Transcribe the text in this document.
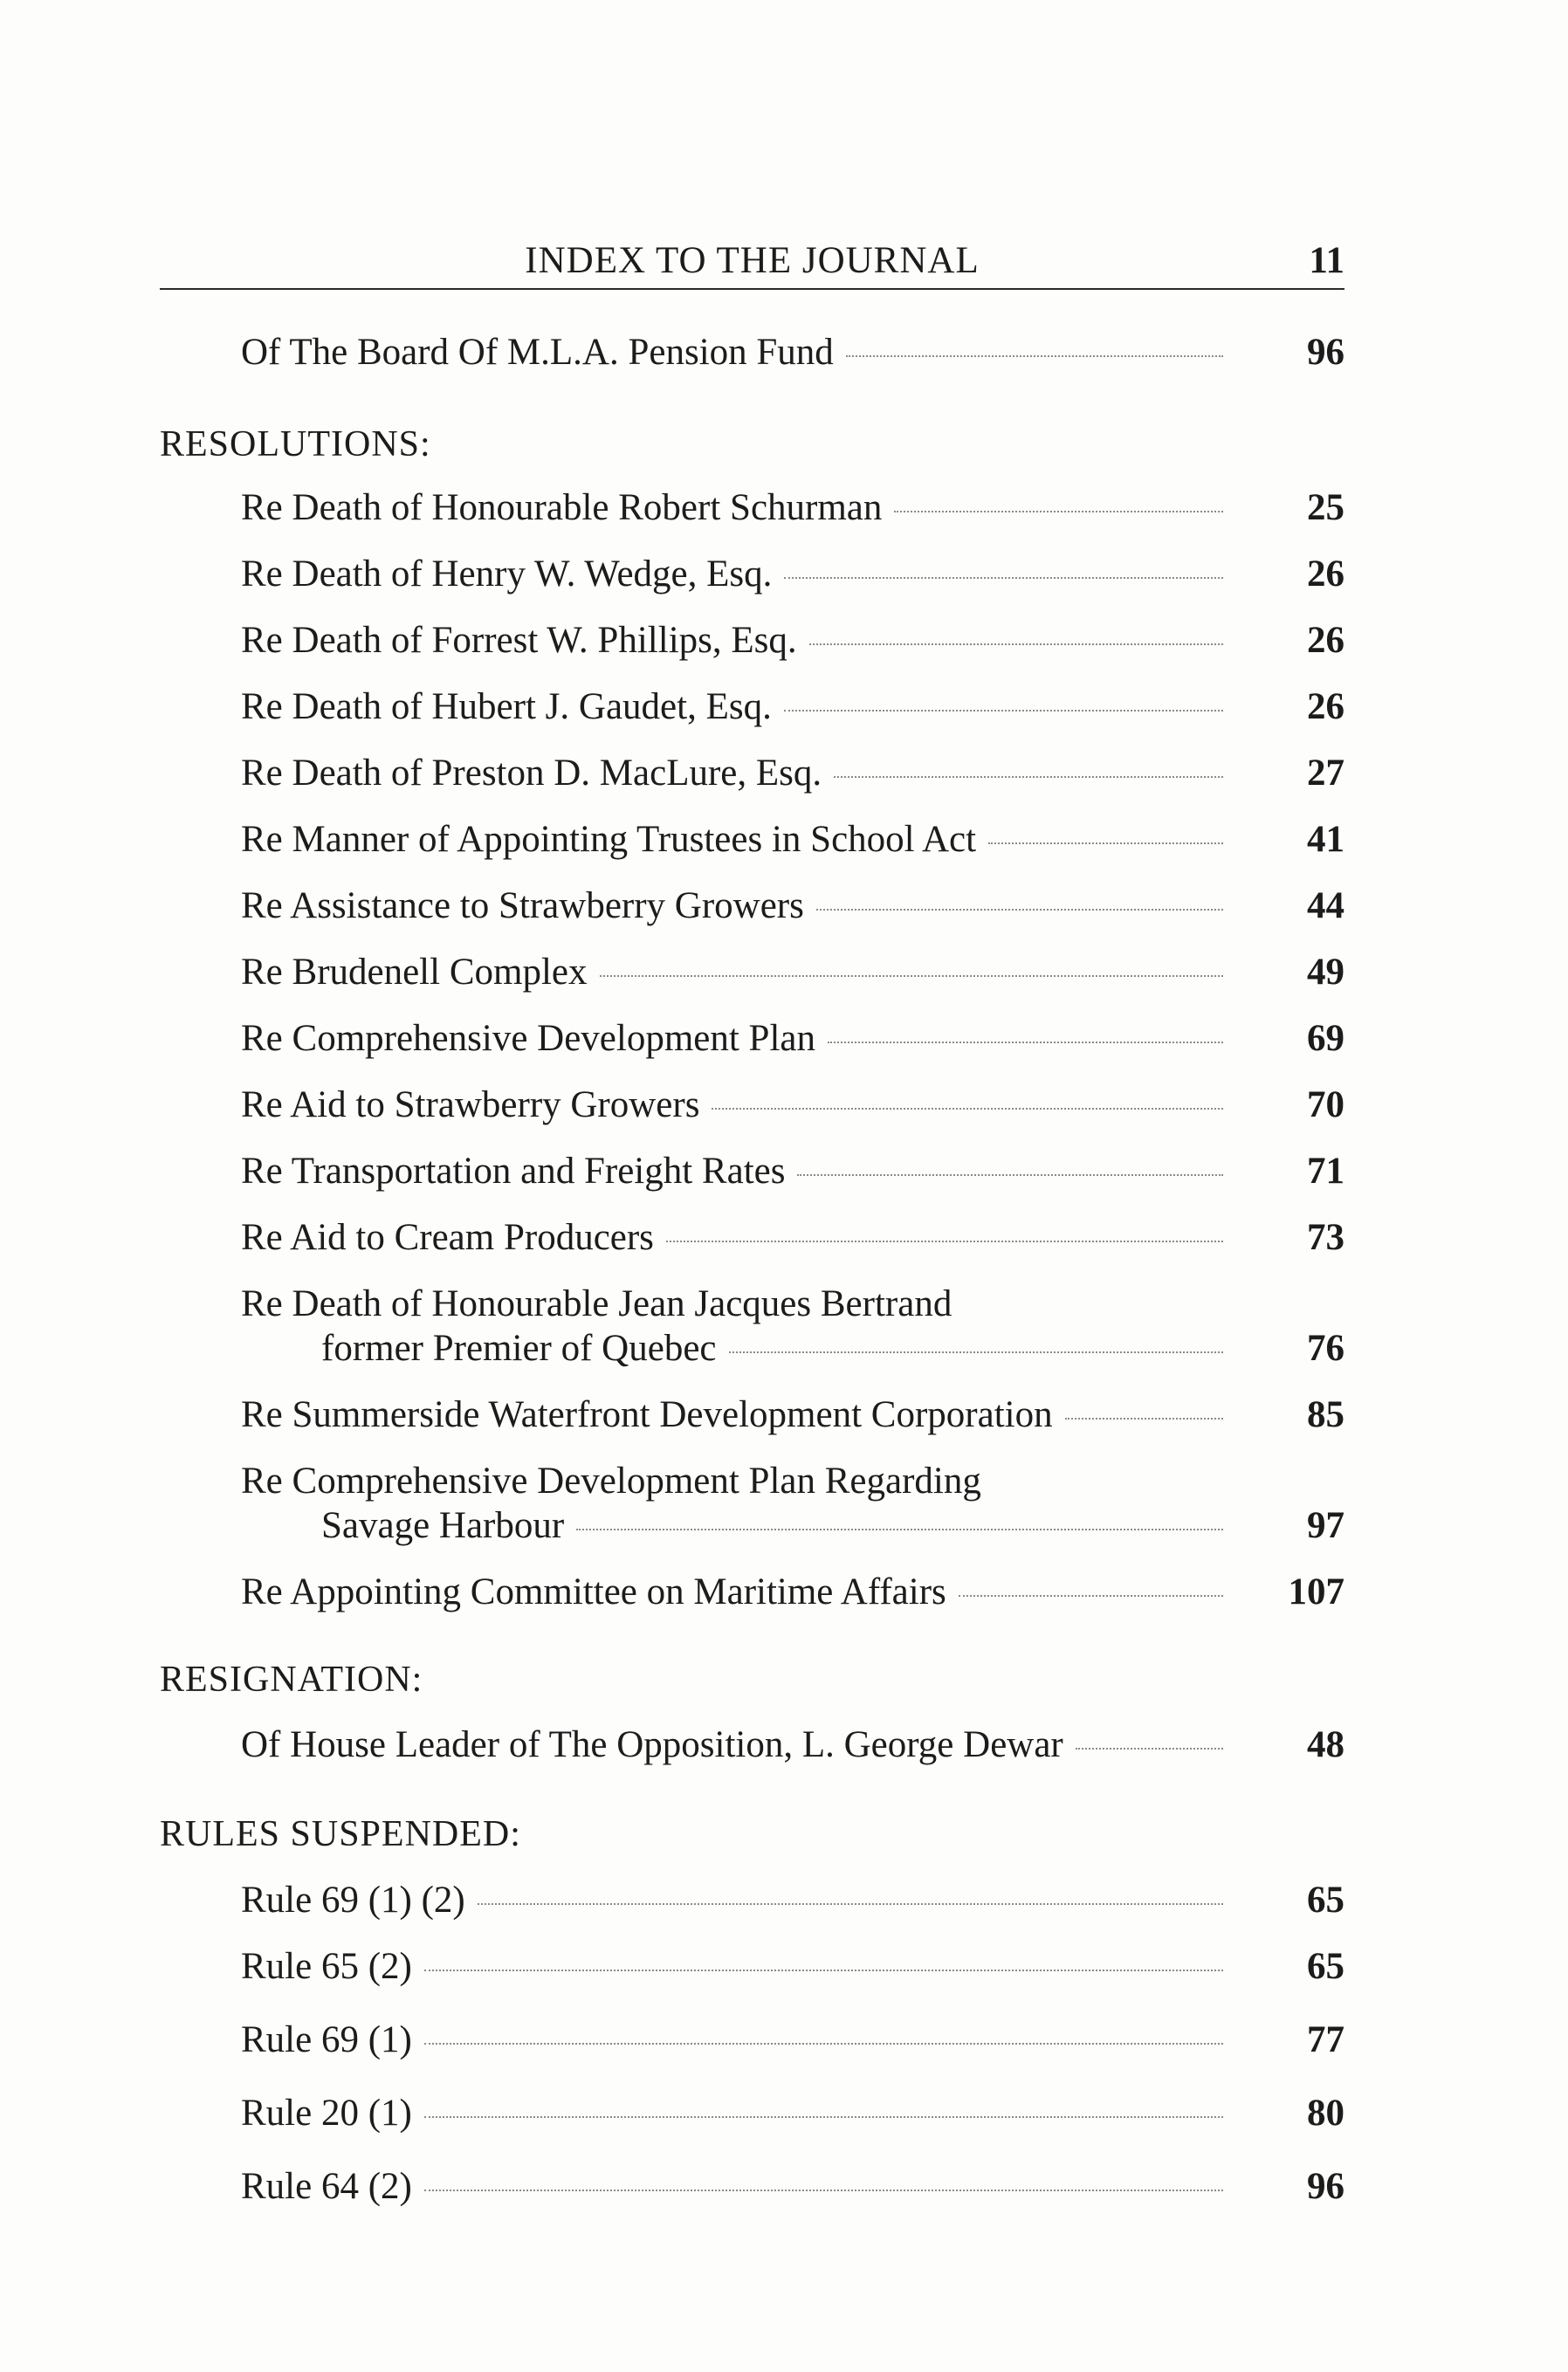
INDEX TO THE JOURNAL	11
Of The Board Of M.L.A. Pension Fund	96
RESOLUTIONS:
Re Death of Honourable Robert Schurman	25
Re Death of Henry W. Wedge, Esq.	26
Re Death of Forrest W. Phillips, Esq.	26
Re Death of Hubert J. Gaudet, Esq.	26
Re Death of Preston D. MacLure, Esq.	27
Re Manner of Appointing Trustees in School Act	41
Re Assistance to Strawberry Growers	44
Re Brudenell Complex	49
Re Comprehensive Development Plan	69
Re Aid to Strawberry Growers	70
Re Transportation and Freight Rates	71
Re Aid to Cream Producers	73
Re Death of Honourable Jean Jacques Bertrand
former Premier of Quebec	76
Re Summerside Waterfront Development Corporation	85
Re Comprehensive Development Plan Regarding
Savage Harbour	97
Re Appointing Committee on Maritime Affairs	107
RESIGNATION:
Of House Leader of The Opposition, L. George Dewar	48
RULES SUSPENDED:
Rule 69 (1) (2)	65
Rule 65 (2)	65
Rule 69 (1)	77
Rule 20 (1)	80
Rule 64 (2)	96
